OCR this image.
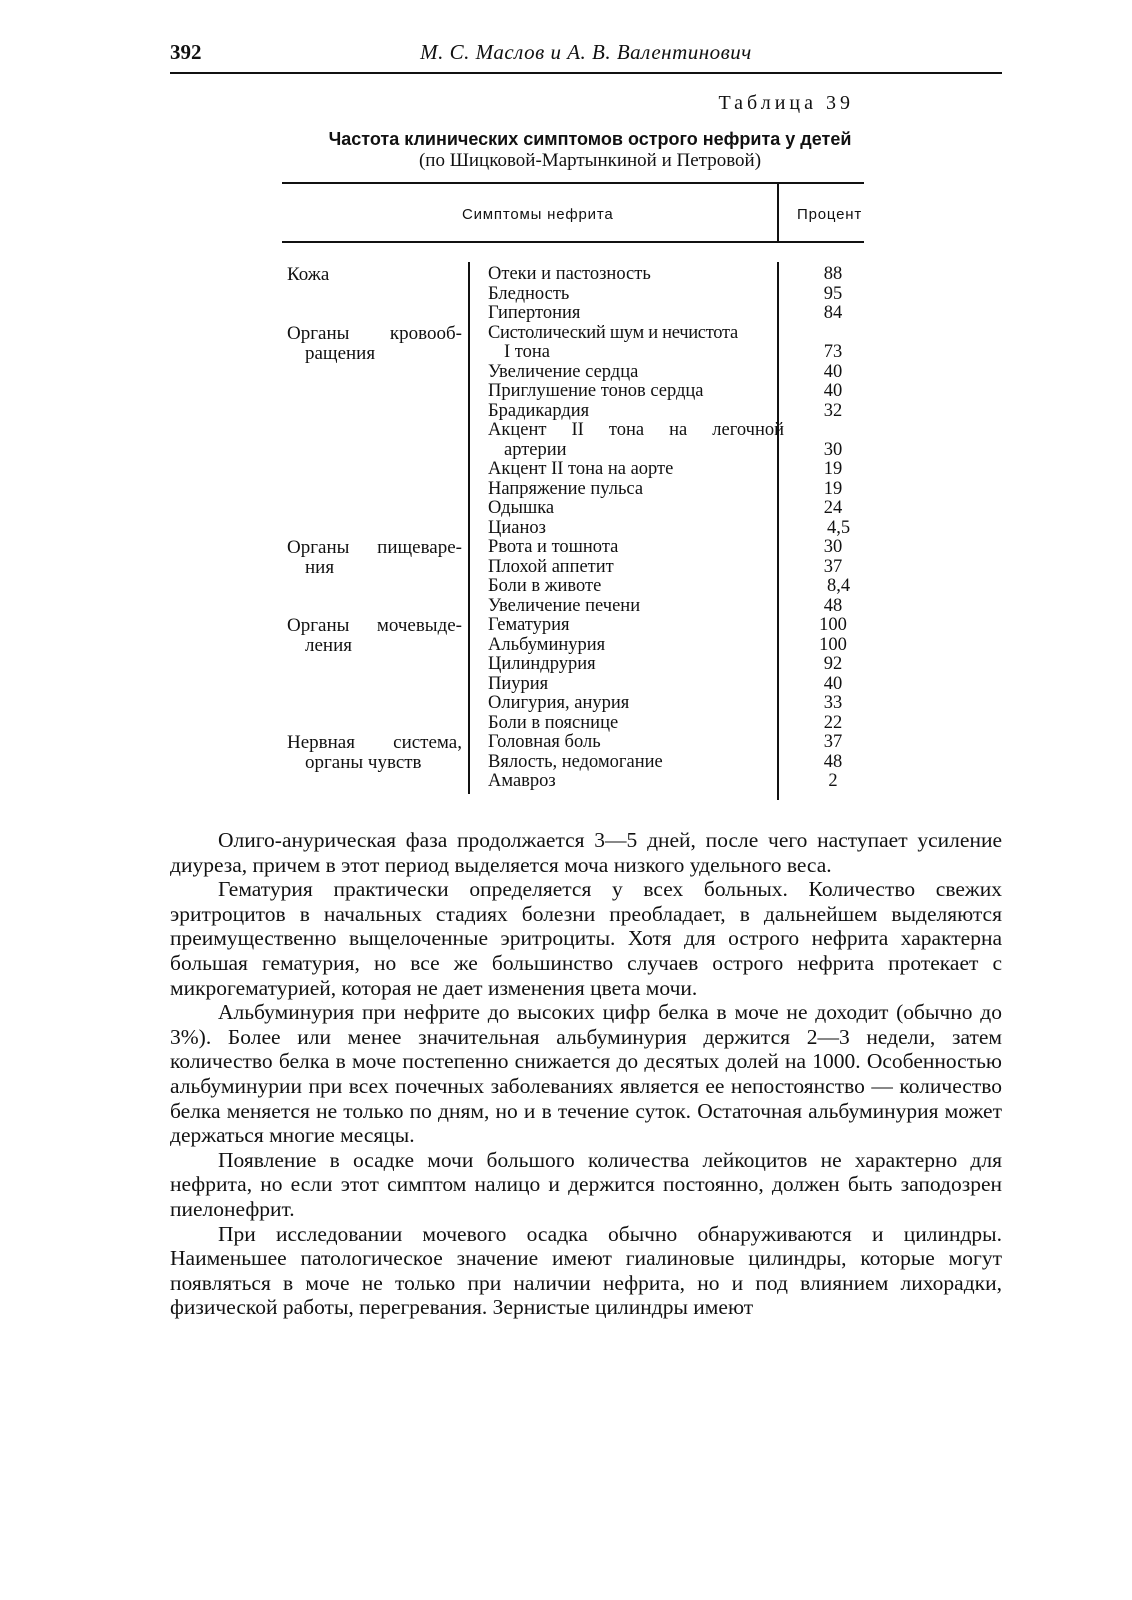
392	М. С. Маслов и А. В. Валентинович
Таблица 39
Частота клинических симптомов острого нефрита у детей
(по Шицковой-Мартынкиной и Петровой)
Симптомы нефрита	Процент
Кожа
Органы кровооб-
ращения
Органы пищеваре-
ния
Органы мочевыде-
ления
Нервная система,
органы чувств
Отеки и пастозность
Бледность
Гипертония
Систолический шум и нечистота
I тона
Увеличение сердца
Приглушение тонов сердца
Брадикардия
Акцент II тона на легочной
артерии
Акцент II тона на аорте
Напряжение пульса
Одышка
Цианоз
Рвота и тошнота
Плохой аппетит
Боли в животе
Увеличение печени
Гематурия
Альбуминурия
Цилиндрурия
Пиурия
Олигурия, анурия
Боли в пояснице
Головная боль
Вялость, недомогание
Амавроз
88
95
84
73
40
40
32
30
19
19
24
4,5
30
37
8,4
48
100
100
92
40
33
22
37
48
2

Олиго-анурическая фаза продолжается 3—5 дней, после чего наступает усиление диуреза, причем в этот период выделяется моча низкого удельного веса.

Гематурия практически определяется у всех больных. Количество свежих эритроцитов в начальных стадиях болезни преобладает, в дальнейшем выделяются преимущественно выщелоченные эритроциты. Хотя для острого нефрита характерна большая гематурия, но все же большинство случаев острого нефрита протекает с микрогематурией, которая не дает изменения цвета мочи.

Альбуминурия при нефрите до высоких цифр белка в моче не доходит (обычно до 3%). Более или менее значительная альбуминурия держится 2—3 недели, затем количество белка в моче постепенно снижается до десятых долей на 1000. Особенностью альбуминурии при всех почечных заболеваниях является ее непостоянство — количество белка меняется не только по дням, но и в течение суток. Остаточная альбуминурия может держаться многие месяцы.

Появление в осадке мочи большого количества лейкоцитов не характерно для нефрита, но если этот симптом налицо и держится постоянно, должен быть заподозрен пиелонефрит.

При исследовании мочевого осадка обычно обнаруживаются и цилиндры. Наименьшее патологическое значение имеют гиалиновые цилиндры, которые могут появляться в моче не только при наличии нефрита, но и под влиянием лихорадки, физической работы, перегревания. Зернистые цилиндры имеют
